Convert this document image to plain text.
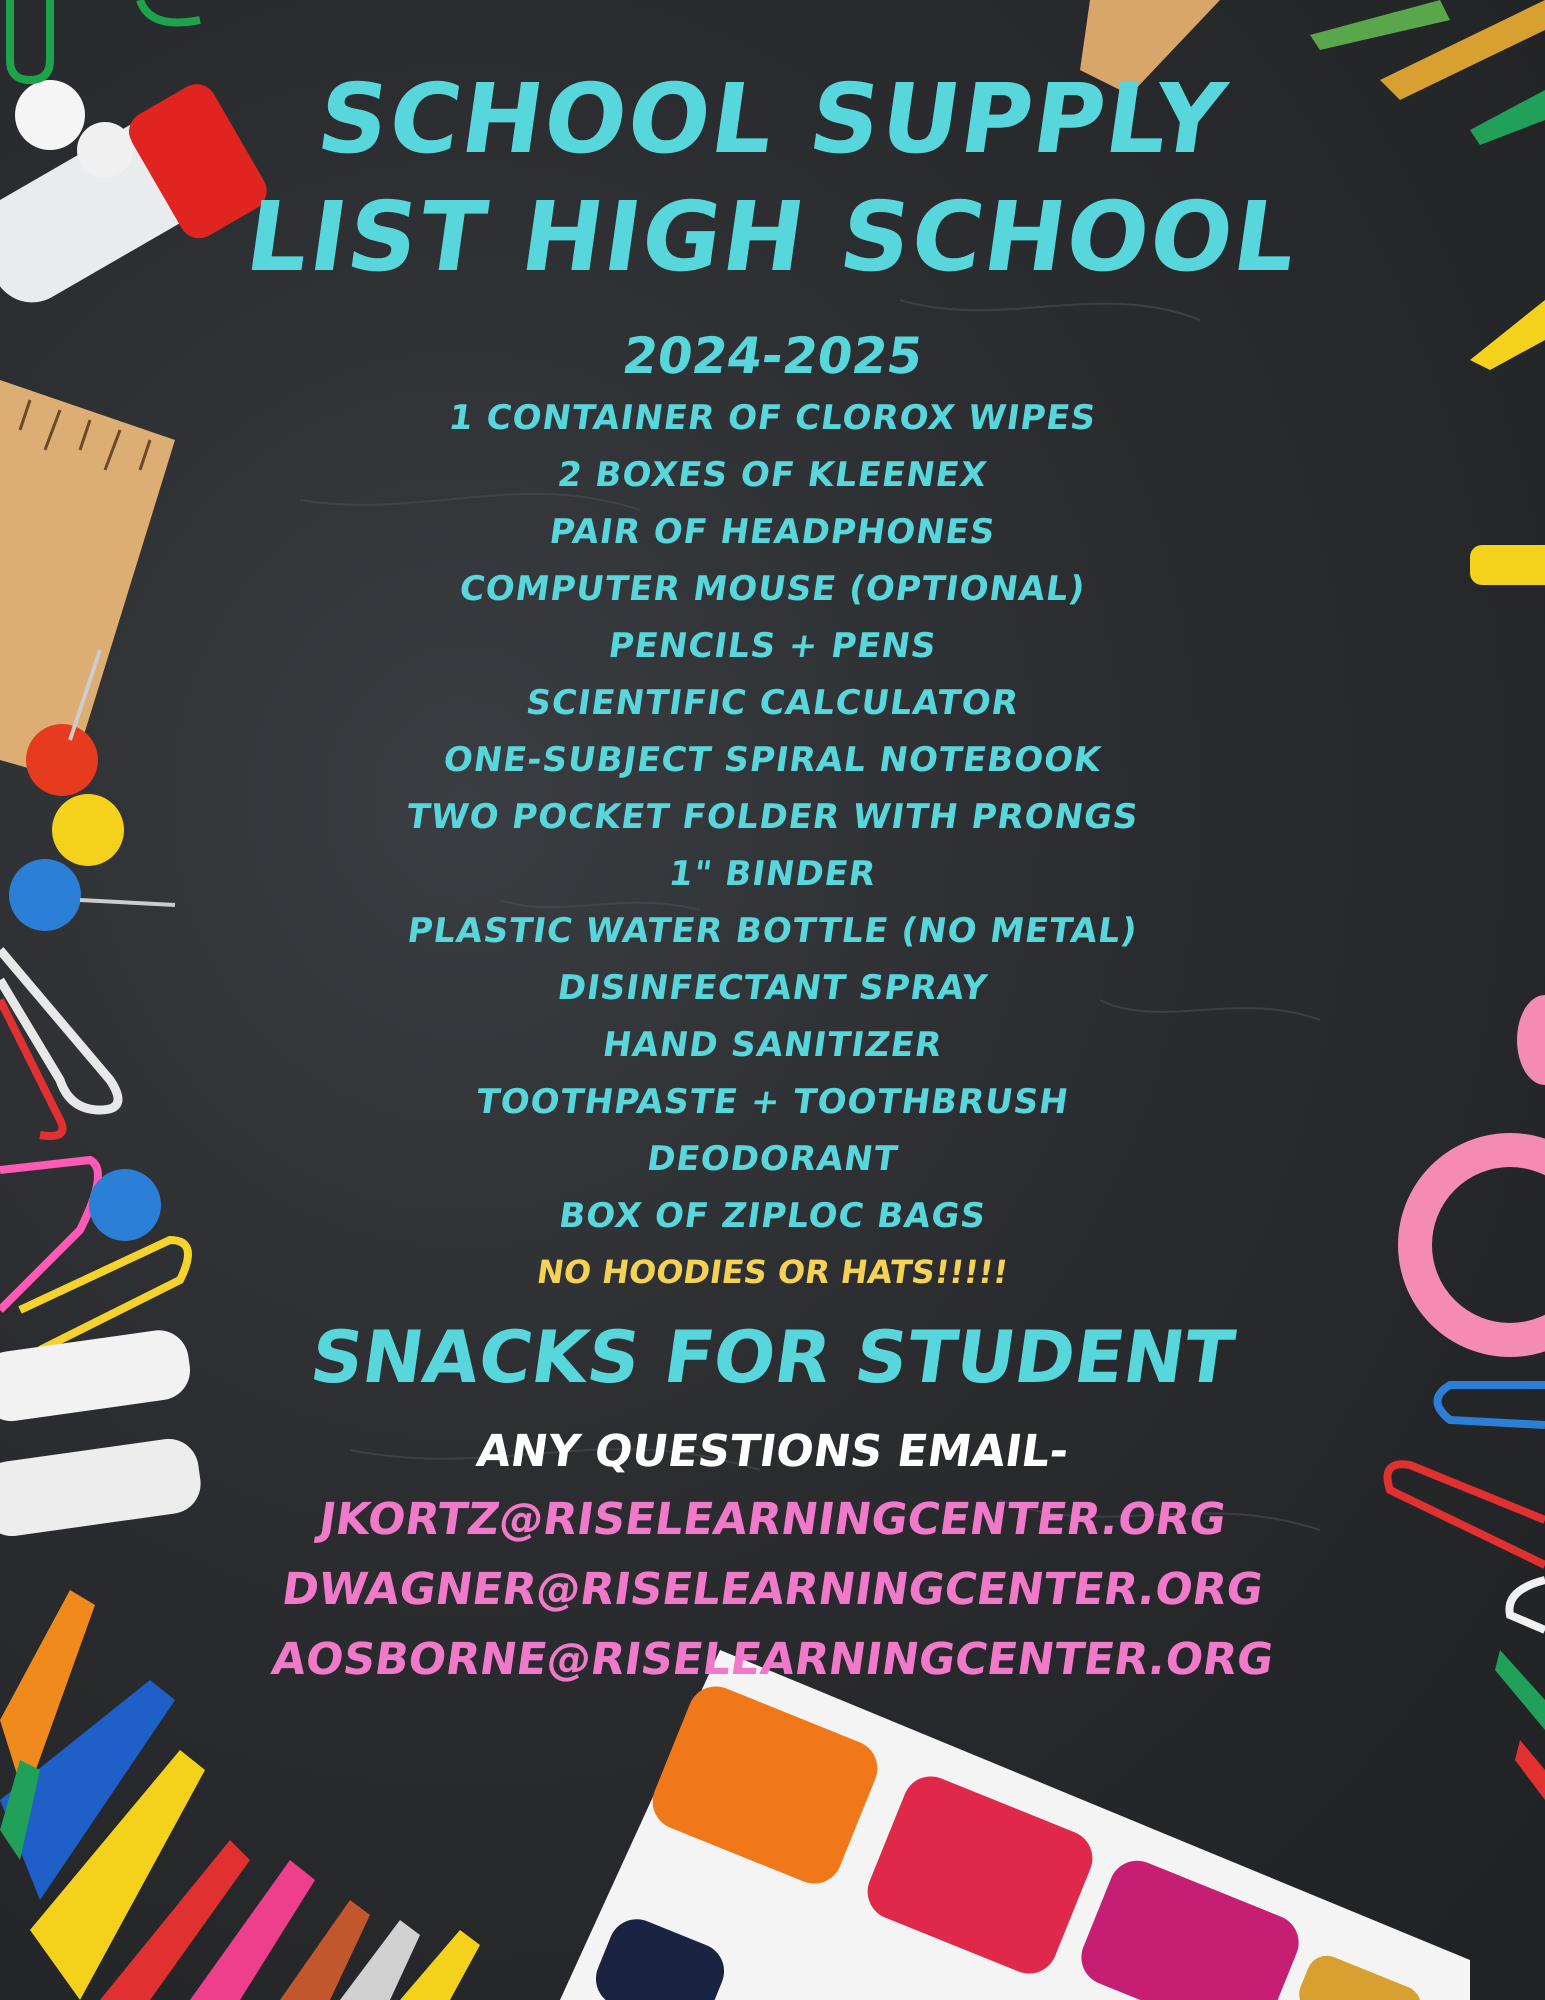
SCHOOL SUPPLY
LIST HIGH SCHOOL
2024-2025
1 CONTAINER OF CLOROX WIPES
2 BOXES OF KLEENEX
PAIR OF HEADPHONES
COMPUTER MOUSE (OPTIONAL)
PENCILS + PENS
SCIENTIFIC CALCULATOR
ONE-SUBJECT SPIRAL NOTEBOOK
TWO POCKET FOLDER WITH PRONGS
1" BINDER
PLASTIC WATER BOTTLE (NO METAL)
DISINFECTANT SPRAY
HAND SANITIZER
TOOTHPASTE + TOOTHBRUSH
DEODORANT
BOX OF ZIPLOC BAGS
NO HOODIES OR HATS!!!!!
SNACKS FOR STUDENT
ANY QUESTIONS EMAIL-
JKORTZ@RISELEARNINGCENTER.ORG
DWAGNER@RISELEARNINGCENTER.ORG
AOSBORNE@RISELEARNINGCENTER.ORG
